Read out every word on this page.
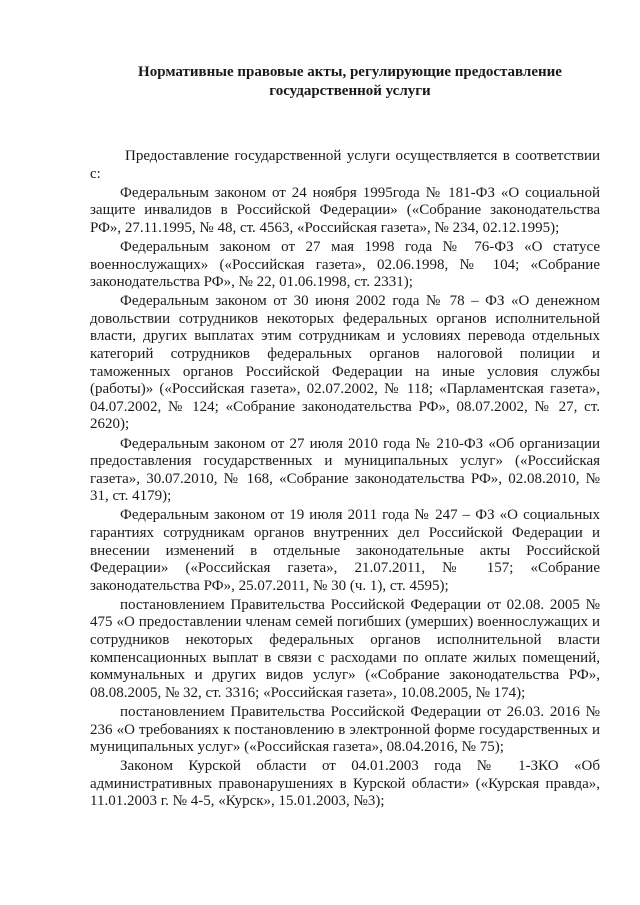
Нормативные правовые акты, регулирующие предоставление
государственной услуги

Предоставление государственной услуги осуществляется в соответствии с:

Федеральным законом от 24 ноября 1995года № 181-ФЗ «О социальной защите инвалидов в Российской Федерации» («Собрание законодательства РФ», 27.11.1995, № 48, ст. 4563, «Российская газета», № 234, 02.12.1995);

Федеральным законом от 27 мая 1998 года № 76-ФЗ «О статусе военнослужащих» («Российская газета», 02.06.1998, № 104; «Собрание законодательства РФ», № 22, 01.06.1998, ст. 2331);

Федеральным законом от 30 июня 2002 года № 78 – ФЗ «О денежном довольствии сотрудников некоторых федеральных органов исполнительной власти, других выплатах этим сотрудникам и условиях перевода отдельных категорий сотрудников федеральных органов налоговой полиции и таможенных органов Российской Федерации на иные условия службы (работы)» («Российская газета», 02.07.2002, № 118; «Парламентская газета», 04.07.2002, № 124; «Собрание законодательства РФ», 08.07.2002, № 27, ст. 2620);

Федеральным законом от 27 июля 2010 года № 210-ФЗ «Об организации предоставления государственных и муниципальных услуг» («Российская газета», 30.07.2010, № 168, «Собрание законодательства РФ», 02.08.2010, № 31, ст. 4179);

Федеральным законом от 19 июля 2011 года № 247 – ФЗ «О социальных гарантиях сотрудникам органов внутренних дел Российской Федерации и внесении изменений в отдельные законодательные акты Российской Федерации» («Российская газета», 21.07.2011, № 157; «Собрание законодательства РФ», 25.07.2011, № 30 (ч. 1), ст. 4595);

постановлением Правительства Российской Федерации от 02.08. 2005 № 475 «О предоставлении членам семей погибших (умерших) военнослужащих и сотрудников некоторых федеральных органов исполнительной власти компенсационных выплат в связи с расходами по оплате жилых помещений, коммунальных и других видов услуг» («Собрание законодательства РФ», 08.08.2005, № 32, ст. 3316; «Российская газета», 10.08.2005, № 174);

постановлением Правительства Российской Федерации от 26.03. 2016 № 236 «О требованиях к постановлению в электронной форме государственных и муниципальных услуг» («Российская газета», 08.04.2016, № 75);

Законом Курской области от 04.01.2003 года № 1-ЗКО «Об административных правонарушениях в Курской области» («Курская правда», 11.01.2003 г. № 4-5, «Курск», 15.01.2003, №3);
